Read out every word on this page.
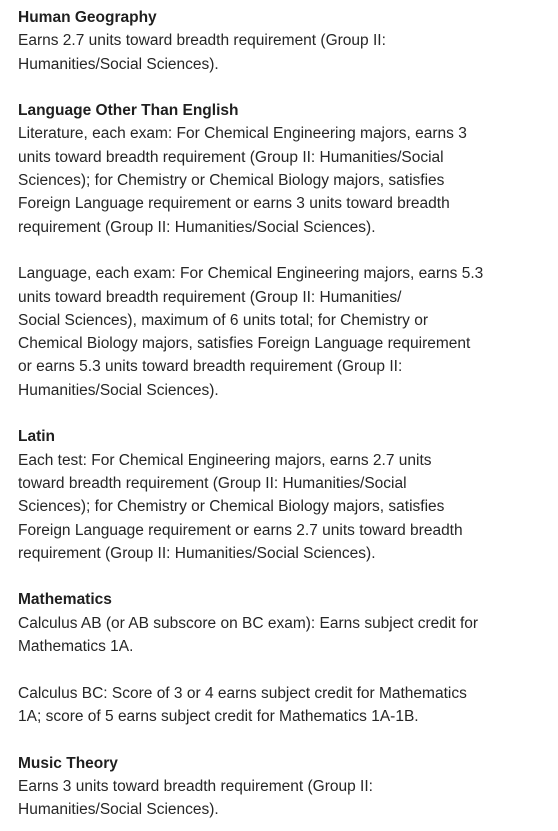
Human Geography

Earns 2.7 units toward breadth requirement (Group II:
Humanities/Social Sciences).

Language Other Than English

Literature, each exam: For Chemical Engineering majors, earns 3
units toward breadth requirement (Group II: Humanities/Social
Sciences); for Chemistry or Chemical Biology majors, satisfies
Foreign Language requirement or earns 3 units toward breadth
requirement (Group II: Humanities/Social Sciences).

Language, each exam: For Chemical Engineering majors, earns 5.3
units toward breadth requirement (Group II: Humanities/
Social Sciences), maximum of 6 units total; for Chemistry or
Chemical Biology majors, satisfies Foreign Language requirement
or earns 5.3 units toward breadth requirement (Group II:
Humanities/Social Sciences).

Latin

Each test: For Chemical Engineering majors, earns 2.7 units
toward breadth requirement (Group II: Humanities/Social
Sciences); for Chemistry or Chemical Biology majors, satisfies
Foreign Language requirement or earns 2.7 units toward breadth
requirement (Group II: Humanities/Social Sciences).

Mathematics

Calculus AB (or AB subscore on BC exam): Earns subject credit for
Mathematics 1A.

Calculus BC: Score of 3 or 4 earns subject credit for Mathematics
1A; score of 5 earns subject credit for Mathematics 1A-1B.

Music Theory

Earns 3 units toward breadth requirement (Group II:
Humanities/Social Sciences).
